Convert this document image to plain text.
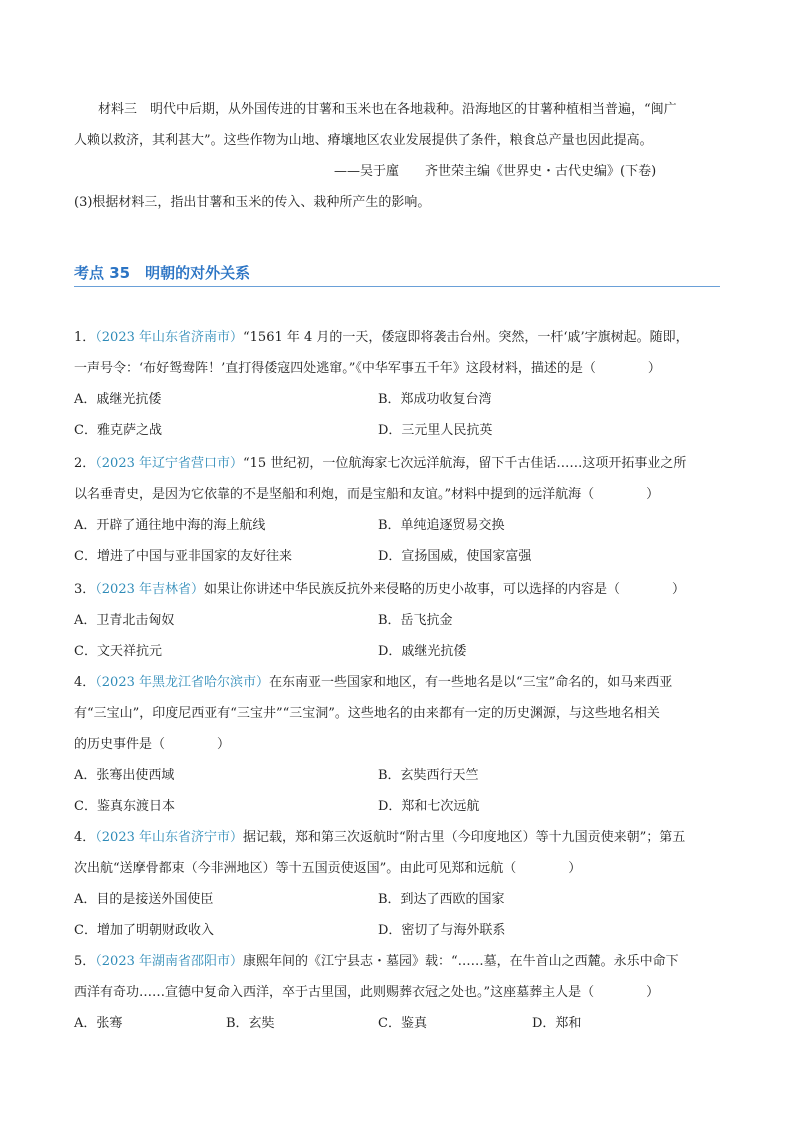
材料三　明代中后期，从外国传进的甘薯和玉米也在各地栽种。沿海地区的甘薯种植相当普遍，“闽广
人赖以救济，其利甚大”。这些作物为山地、瘠壤地区农业发展提供了条件，粮食总产量也因此提高。
——吴于廑　　齐世荣主编《世界史・古代史编》(下卷)
(3)根据材料三，指出甘薯和玉米的传入、栽种所产生的影响。
考点 35　明朝的对外关系
1．（2023 年山东省济南市）“1561 年 4 月的一天，倭寇即将袭击台州。突然，一杆‘戚’字旗树起。随即，
一声号令：‘布好鸳鸯阵！’直打得倭寇四处逃窜。”《中华军事五千年》这段材料，描述的是（　　　　）
A．戚继光抗倭	B．郑成功收复台湾
C．雅克萨之战	D．三元里人民抗英
2．（2023 年辽宁省营口市）“15 世纪初，一位航海家七次远洋航海，留下千古佳话……这项开拓事业之所
以名垂青史，是因为它依靠的不是坚船和利炮，而是宝船和友谊。”材料中提到的远洋航海（　　　　）
A．开辟了通往地中海的海上航线	B．单纯追逐贸易交换
C．增进了中国与亚非国家的友好往来	D．宣扬国威，使国家富强
3．（2023 年吉林省）如果让你讲述中华民族反抗外来侵略的历史小故事，可以选择的内容是（　　　　）
A．卫青北击匈奴	B．岳飞抗金
C．文天祥抗元	D．戚继光抗倭
4．（2023 年黑龙江省哈尔滨市）在东南亚一些国家和地区，有一些地名是以“三宝”命名的，如马来西亚
有“三宝山”，印度尼西亚有“三宝井”“三宝洞”。这些地名的由来都有一定的历史渊源，与这些地名相关
的历史事件是（　　　　）
A．张骞出使西域	B．玄奘西行天竺
C．鉴真东渡日本	D．郑和七次远航
4．（2023 年山东省济宁市）据记载，郑和第三次返航时“附古里（今印度地区）等十九国贡使来朝”；第五
次出航“送摩骨都束（今非洲地区）等十五国贡使返国”。由此可见郑和远航（　　　　）
A．目的是接送外国使臣	B．到达了西欧的国家
C．增加了明朝财政收入	D．密切了与海外联系
5．（2023 年湖南省邵阳市）康熙年间的《江宁县志・墓园》载：“……墓，在牛首山之西麓。永乐中命下
西洋有奇功……宣德中复命入西洋，卒于古里国，此则赐葬衣冠之处也。”这座墓葬主人是（　　　　）
A．张骞	B．玄奘	C．鉴真	D．郑和
